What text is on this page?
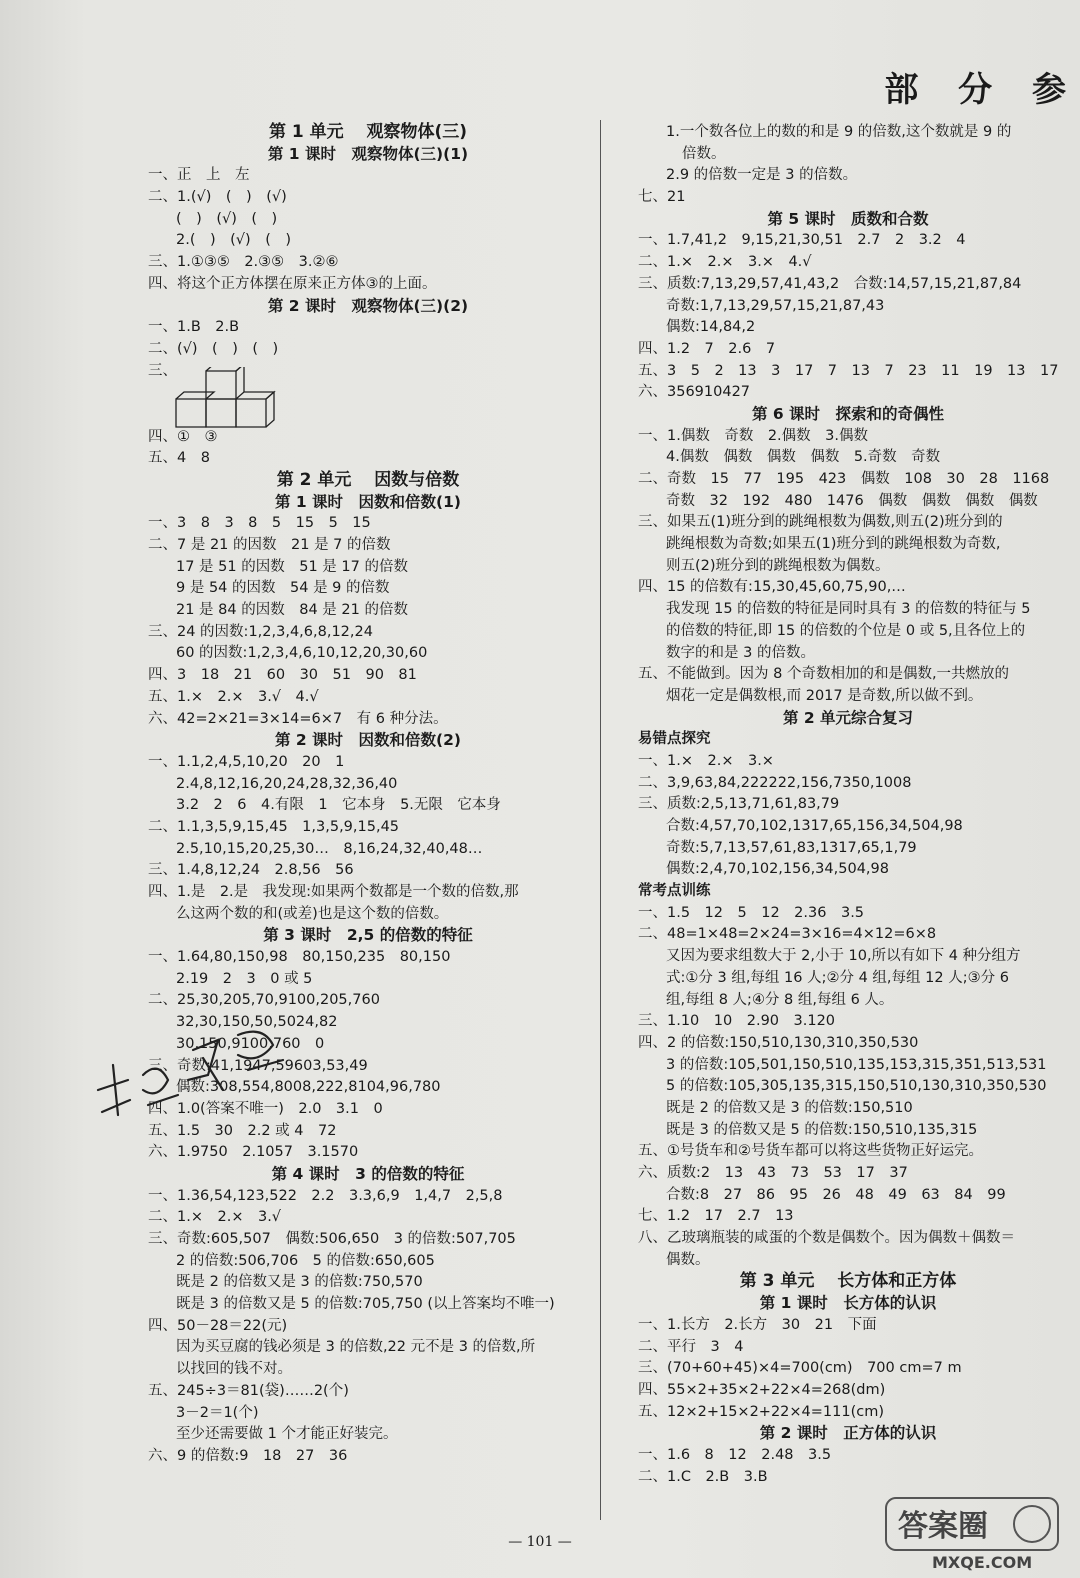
部 分 参
第 1 单元　 观察物体(三)
第 1 课时　观察物体(三)(1)
一、正　上　左
二、1.(√)　(　)　(√)
(　)　(√)　(　)
2.(　)　(√)　(　)
三、1.①③⑤　2.③⑤　3.②⑥
四、将这个正方体摆在原来正方体③的上面。
第 2 课时　观察物体(三)(2)
一、1.B　2.B
二、(√)　(　)　(　)
三、
四、①　③
五、4　8
第 2 单元　 因数与倍数
第 1 课时　因数和倍数(1)
一、3　8　3　8　5　15　5　15
二、7 是 21 的因数　21 是 7 的倍数
17 是 51 的因数　51 是 17 的倍数
9 是 54 的因数　54 是 9 的倍数
21 是 84 的因数　84 是 21 的倍数
三、24 的因数:1,2,3,4,6,8,12,24
60 的因数:1,2,3,4,6,10,12,20,30,60
四、3　18　21　60　30　51　90　81
五、1.×　2.×　3.√　4.√
六、42=2×21=3×14=6×7　有 6 种分法。
第 2 课时　因数和倍数(2)
一、1.1,2,4,5,10,20　20　1
2.4,8,12,16,20,24,28,32,36,40
3.2　2　6　4.有限　1　它本身　5.无限　它本身
二、1.1,3,5,9,15,45　1,3,5,9,15,45
2.5,10,15,20,25,30…　8,16,24,32,40,48…
三、1.4,8,12,24　2.8,56　56
四、1.是　2.是　我发现:如果两个数都是一个数的倍数,那
么这两个数的和(或差)也是这个数的倍数。
第 3 课时　2,5 的倍数的特征
一、1.64,80,150,98　80,150,235　80,150
2.19　2　3　0 或 5
二、25,30,205,70,9100,205,760
32,30,150,50,5024,82
30,150,9100,760　0
三、奇数:41,1947,59603,53,49
偶数:308,554,8008,222,8104,96,780
四、1.0(答案不唯一)　2.0　3.1　0
五、1.5　30　2.2 或 4　72
六、1.9750　2.1057　3.1570
第 4 课时　3 的倍数的特征
一、1.36,54,123,522　2.2　3.3,6,9　1,4,7　2,5,8
二、1.×　2.×　3.√
三、奇数:605,507　偶数:506,650　3 的倍数:507,705
2 的倍数:506,706　5 的倍数:650,605
既是 2 的倍数又是 3 的倍数:750,570
既是 3 的倍数又是 5 的倍数:705,750 (以上答案均不唯一)
四、50－28＝22(元)
因为买豆腐的钱必须是 3 的倍数,22 元不是 3 的倍数,所
以找回的钱不对。
五、245÷3＝81(袋)……2(个)
3－2＝1(个)
至少还需要做 1 个才能正好装完。
六、9 的倍数:9　18　27　36
1.一个数各位上的数的和是 9 的倍数,这个数就是 9 的
倍数。
2.9 的倍数一定是 3 的倍数。
七、21
第 5 课时　质数和合数
一、1.7,41,2　9,15,21,30,51　2.7　2　3.2　4
二、1.×　2.×　3.×　4.√
三、质数:7,13,29,57,41,43,2　合数:14,57,15,21,87,84
奇数:1,7,13,29,57,15,21,87,43
偶数:14,84,2
四、1.2　7　2.6　7
五、3　5　2　13　3　17　7　13　7　23　11　19　13　17
六、356910427
第 6 课时　探索和的奇偶性
一、1.偶数　奇数　2.偶数　3.偶数
4.偶数　偶数　偶数　偶数　5.奇数　奇数
二、奇数　15　77　195　423　偶数　108　30　28　1168
奇数　32　192　480　1476　偶数　偶数　偶数　偶数
三、如果五(1)班分到的跳绳根数为偶数,则五(2)班分到的
跳绳根数为奇数;如果五(1)班分到的跳绳根数为奇数,
则五(2)班分到的跳绳根数为偶数。
四、15 的倍数有:15,30,45,60,75,90,…
我发现 15 的倍数的特征是同时具有 3 的倍数的特征与 5
的倍数的特征,即 15 的倍数的个位是 0 或 5,且各位上的
数字的和是 3 的倍数。
五、不能做到。因为 8 个奇数相加的和是偶数,一共燃放的
烟花一定是偶数根,而 2017 是奇数,所以做不到。
第 2 单元综合复习
易错点探究
一、1.×　2.×　3.×
二、3,9,63,84,222222,156,7350,1008
三、质数:2,5,13,71,61,83,79
合数:4,57,70,102,1317,65,156,34,504,98
奇数:5,7,13,57,61,83,1317,65,1,79
偶数:2,4,70,102,156,34,504,98
常考点训练
一、1.5　12　5　12　2.36　3.5
二、48=1×48=2×24=3×16=4×12=6×8
又因为要求组数大于 2,小于 10,所以有如下 4 种分组方
式:①分 3 组,每组 16 人;②分 4 组,每组 12 人;③分 6
组,每组 8 人;④分 8 组,每组 6 人。
三、1.10　10　2.90　3.120
四、2 的倍数:150,510,130,310,350,530
3 的倍数:105,501,150,510,135,153,315,351,513,531
5 的倍数:105,305,135,315,150,510,130,310,350,530
既是 2 的倍数又是 3 的倍数:150,510
既是 3 的倍数又是 5 的倍数:150,510,135,315
五、①号货车和②号货车都可以将这些货物正好运完。
六、质数:2　13　43　73　53　17　37
合数:8　27　86　95　26　48　49　63　84　99
七、1.2　17　2.7　13
八、乙玻璃瓶装的咸蛋的个数是偶数个。因为偶数＋偶数＝
偶数。
第 3 单元　 长方体和正方体
第 1 课时　长方体的认识
一、1.长方　2.长方　30　21　下面
二、平行　3　4
三、(70+60+45)×4=700(cm)　700 cm=7 m
四、55×2+35×2+22×4=268(dm)
五、12×2+15×2+22×4=111(cm)
第 2 课时　正方体的认识
一、1.6　8　12　2.48　3.5
二、1.C　2.B　3.B
— 101 —	答案圈
MXQE.COM
